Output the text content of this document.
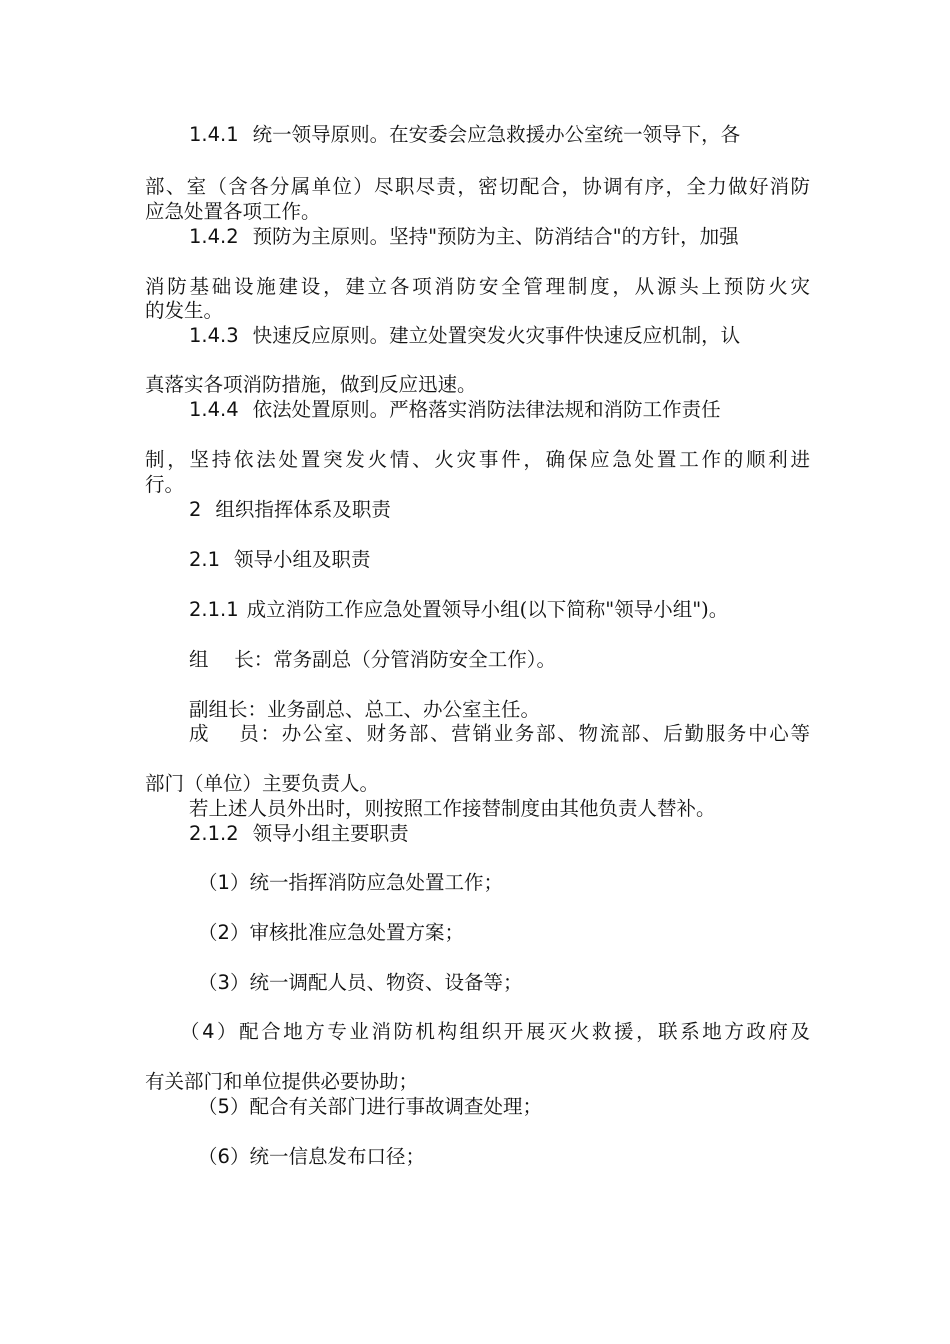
1.4.1 统一领导原则。在安委会应急救援办公室统一领导下，各
部、室（含各分属单位）尽职尽责，密切配合，协调有序，全力做好消防
应急处置各项工作。
1.4.2 预防为主原则。坚持"预防为主、防消结合"的方针，加强
消防基础设施建设，建立各项消防安全管理制度，从源头上预防火灾
的发生。
1.4.3 快速反应原则。建立处置突发火灾事件快速反应机制，认
真落实各项消防措施，做到反应迅速。
1.4.4 依法处置原则。严格落实消防法律法规和消防工作责任
制，坚持依法处置突发火情、火灾事件，确保应急处置工作的顺利进
行。
2 组织指挥体系及职责
2.1 领导小组及职责
2.1.1 成立消防工作应急处置领导小组(以下简称"领导小组")。
组　 长：常务副总（分管消防安全工作）。
副组长：业务副总、总工、办公室主任。
成　 员：办公室、财务部、营销业务部、物流部、后勤服务中心等
部门（单位）主要负责人。
若上述人员外出时，则按照工作接替制度由其他负责人替补。
2.1.2 领导小组主要职责
（1）统一指挥消防应急处置工作；
（2）审核批准应急处置方案；
（3）统一调配人员、物资、设备等；
（4）配合地方专业消防机构组织开展灭火救援，联系地方政府及
有关部门和单位提供必要协助；
（5）配合有关部门进行事故调查处理；
（6）统一信息发布口径；
